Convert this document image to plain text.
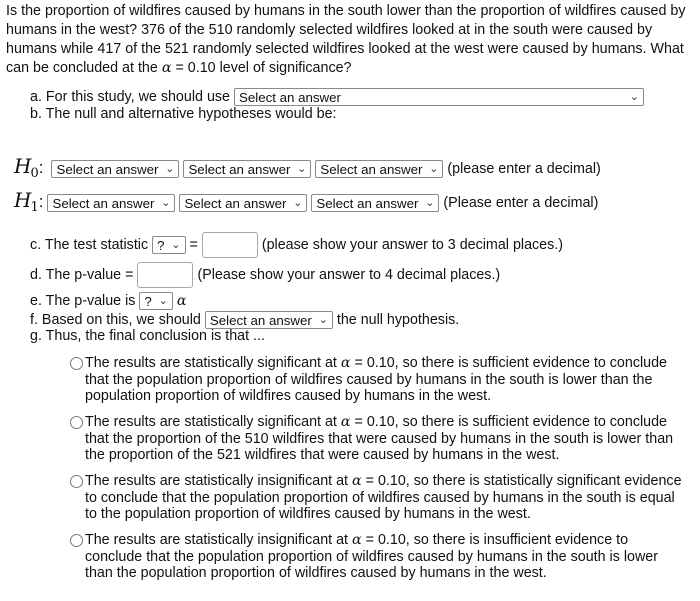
Is the proportion of wildfires caused by humans in the south lower than the proportion of wildfires caused by humans in the west? 376 of the 510 randomly selected wildfires looked at in the south were caused by humans while 417 of the 521 randomly selected wildfires looked at the west were caused by humans. What can be concluded at the α = 0.10 level of significance?
a. For this study, we should use Select an answer	⌄
b. The null and alternative hypotheses would be:
H0: Select an answer ⌄ Select an answer ⌄ Select an answer ⌄ (please enter a decimal)
H1: Select an answer ⌄ Select an answer ⌄ Select an answer ⌄ (Please enter a decimal)
c. The test statistic ? ⌄ =	(please show your answer to 3 decimal places.)
d. The p-value =	(Please show your answer to 4 decimal places.)
e. The p-value is ? ⌄ α
f. Based on this, we should Select an answer ⌄ the null hypothesis.
g. Thus, the final conclusion is that ...
The results are statistically significant at α = 0.10, so there is sufficient evidence to conclude that the population proportion of wildfires caused by humans in the south is lower than the population proportion of wildfires caused by humans in the west.
The results are statistically significant at α = 0.10, so there is sufficient evidence to conclude that the proportion of the 510 wildfires that were caused by humans in the south is lower than the proportion of the 521 wildfires that were caused by humans in the west.
The results are statistically insignificant at α = 0.10, so there is statistically significant evidence to conclude that the population proportion of wildfires caused by humans in the south is equal to the population proportion of wildfires caused by humans in the west.
The results are statistically insignificant at α = 0.10, so there is insufficient evidence to conclude that the population proportion of wildfires caused by humans in the south is lower than the population proportion of wildfires caused by humans in the west.
